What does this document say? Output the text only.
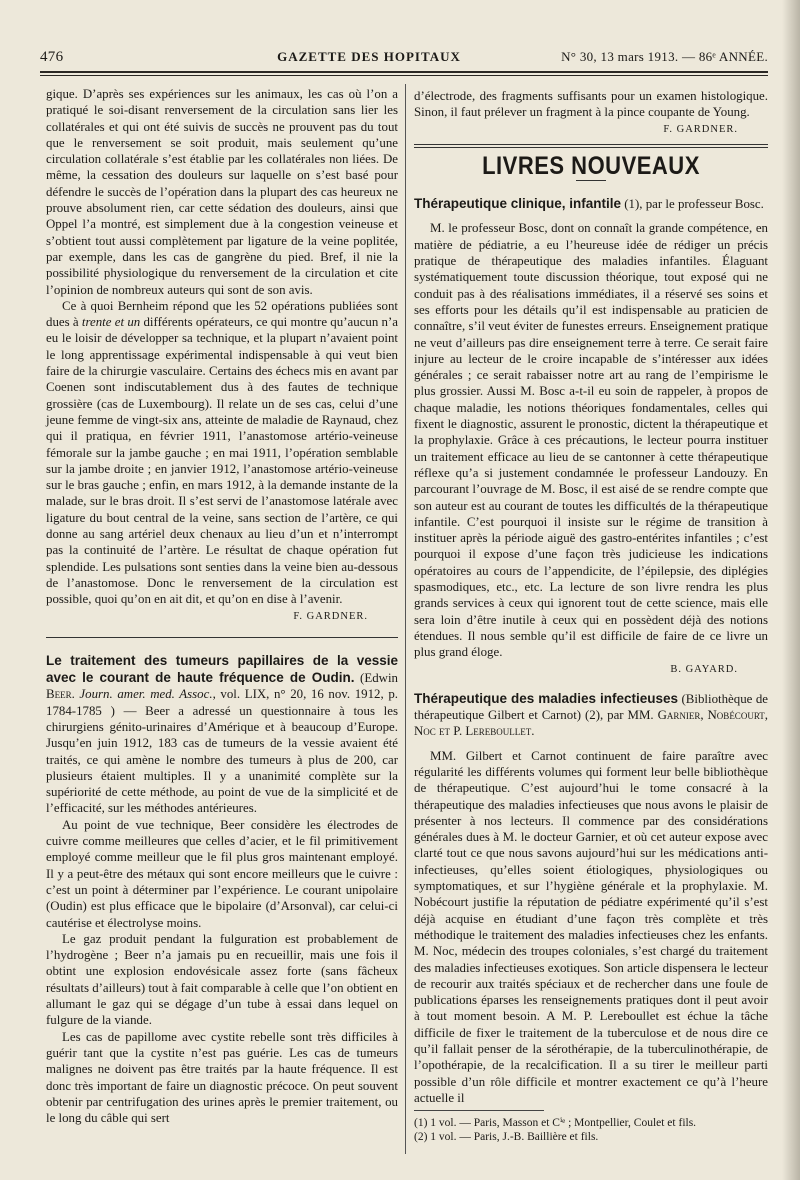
476	GAZETTE DES HOPITAUX	N° 30, 13 mars 1913. — 86ᵉ ANNÉE.

gique. D’après ses expériences sur les animaux, les cas où l’on a pratiqué le soi-disant renversement de la circulation sans lier les collatérales et qui ont été suivis de succès ne prouvent pas du tout que le renversement se soit produit, mais seulement qu’une circulation collatérale s’est établie par les collatérales non liées. De même, la cessation des douleurs sur laquelle on s’est basé pour défendre le succès de l’opération dans la plupart des cas heureux ne prouve absolument rien, car cette sédation des douleurs, ainsi que Oppel l’a montré, est simplement due à la congestion veineuse et s’obtient tout aussi complètement par ligature de la veine poplitée, par exemple, dans les cas de gangrène du pied. Bref, il nie la possibilité physiologique du renversement de la circulation et cite l’opinion de nombreux auteurs qui sont de son avis.

Ce à quoi Bernheim répond que les 52 opérations publiées sont dues à trente et un différents opérateurs, ce qui montre qu’aucun n’a eu le loisir de développer sa technique, et la plupart n’avaient point le long apprentissage expérimental indispensable à qui veut bien faire de la chirurgie vasculaire. Certains des échecs mis en avant par Coenen sont indiscutablement dus à des fautes de technique grossière (cas de Luxembourg). Il relate un de ses cas, celui d’une jeune femme de vingt-six ans, atteinte de maladie de Raynaud, chez qui il pratiqua, en février 1911, l’anastomose artério-veineuse fémorale sur la jambe gauche ; en mai 1911, l’opération semblable sur la jambe droite ; en janvier 1912, l’anastomose artério-veineuse sur le bras gauche ; enfin, en mars 1912, à la demande instante de la malade, sur le bras droit. Il s’est servi de l’anastomose latérale avec ligature du bout central de la veine, sans section de l’artère, ce qui donne au sang artériel deux chenaux au lieu d’un et n’interrompt pas la continuité de l’artère. Le résultat de chaque opération fut splendide. Les pulsations sont senties dans la veine bien au-dessous de l’anastomose. Donc le renversement de la circulation est possible, quoi qu’on en ait dit, et qu’on en dise à l’avenir.

F. GARDNER.

Le traitement des tumeurs papillaires de la vessie avec le courant de haute fréquence de Oudin. (Edwin Beer. Journ. amer. med. Assoc., vol. LIX, n° 20, 16 nov. 1912, p. 1784-1785 ) — Beer a adressé un questionnaire à tous les chirurgiens génito-urinaires d’Amérique et à beaucoup d’Europe. Jusqu’en juin 1912, 183 cas de tumeurs de la vessie avaient été traités, ce qui amène le nombre des tumeurs à plus de 200, car plusieurs étaient multiples. Il y a unanimité complète sur la supériorité de cette méthode, au point de vue de la simplicité et de l’efficacité, sur les méthodes antérieures.

Au point de vue technique, Beer considère les électrodes de cuivre comme meilleures que celles d’acier, et le fil primitivement employé comme meilleur que le fil plus gros maintenant employé. Il y a peut-être des métaux qui sont encore meilleurs que le cuivre : c’est un point à déterminer par l’expérience. Le courant unipolaire (Oudin) est plus efficace que le bipolaire (d’Arsonval), car celui-ci cautérise et électrolyse moins.

Le gaz produit pendant la fulguration est probablement de l’hydrogène ; Beer n’a jamais pu en recueillir, mais une fois il obtint une explosion endovésicale assez forte (sans fâcheux résultats d’ailleurs) tout à fait comparable à celle que l’on obtient en allumant le gaz qui se dégage d’un tube à essai dans lequel on fulgure de la viande.

Les cas de papillome avec cystite rebelle sont très difficiles à guérir tant que la cystite n’est pas guérie. Les cas de tumeurs malignes ne doivent pas être traités par la haute fréquence. Il est donc très important de faire un diagnostic précoce. On peut souvent obtenir par centrifugation des urines après le premier traitement, ou le long du câble qui sert

d’électrode, des fragments suffisants pour un examen histologique. Sinon, il faut prélever un fragment à la pince coupante de Young.

F. GARDNER.

LIVRES NOUVEAUX

Thérapeutique clinique, infantile (1), par le professeur Bosc.

M. le professeur Bosc, dont on connaît la grande compétence, en matière de pédiatrie, a eu l’heureuse idée de rédiger un précis pratique de thérapeutique des maladies infantiles. Élaguant systématiquement toute discussion théorique, tout exposé qui ne conduit pas à des réalisations immédiates, il a réservé ses soins et ses efforts pour les détails qu’il est indispensable au praticien de connaître, s’il veut éviter de funestes erreurs. Enseignement pratique ne veut d’ailleurs pas dire enseignement terre à terre. Ce serait faire injure au lecteur de le croire incapable de s’intéresser aux idées générales ; ce serait rabaisser notre art au rang de l’empirisme le plus grossier. Aussi M. Bosc a-t-il eu soin de rappeler, à propos de chaque maladie, les notions théoriques fondamentales, celles qui fixent le diagnostic, assurent le pronostic, dictent la thérapeutique et la prophylaxie. Grâce à ces précautions, le lecteur pourra instituer un traitement efficace au lieu de se cantonner à cette thérapeutique réflexe qu’a si justement condamnée le professeur Landouzy. En parcourant l’ouvrage de M. Bosc, il est aisé de se rendre compte que son auteur est au courant de toutes les difficultés de la thérapeutique infantile. C’est pourquoi il insiste sur le régime de transition à instituer après la période aiguë des gastro-entérites infantiles ; c’est pourquoi il expose d’une façon très judicieuse les indications opératoires au cours de l’appendicite, de l’épilepsie, des diplégies spasmodiques, etc., etc. La lecture de son livre rendra les plus grands services à ceux qui ignorent tout de cette science, mais elle sera loin d’être inutile à ceux qui en possèdent déjà des notions étendues. Il nous semble qu’il est difficile de faire de ce livre un plus grand éloge.

B. GAYARD.

Thérapeutique des maladies infectieuses (Bibliothèque de thérapeutique Gilbert et Carnot) (2), par MM. Garnier, Nobécourt, Noc et P. Lereboullet.

MM. Gilbert et Carnot continuent de faire paraître avec régularité les différents volumes qui forment leur belle bibliothèque de thérapeutique. C’est aujourd’hui le tome consacré à la thérapeutique des maladies infectieuses que nous avons le plaisir de présenter à nos lecteurs. Il commence par des considérations générales dues à M. le docteur Garnier, et où cet auteur expose avec clarté tout ce que nous savons aujourd’hui sur les médications anti-infectieuses, qu’elles soient étiologiques, physiologiques ou symptomatiques, et sur l’hygiène générale et la prophylaxie. M. Nobécourt justifie la réputation de pédiatre expérimenté qu’il s’est déjà acquise en étudiant d’une façon très complète et très méthodique le traitement des maladies infectieuses chez les enfants. M. Noc, médecin des troupes coloniales, s’est chargé du traitement des maladies infectieuses exotiques. Son article dispensera le lecteur de recourir aux traités spéciaux et de rechercher dans une foule de publications éparses les renseignements pratiques dont il peut avoir à tout moment besoin. A M. P. Lereboullet est échue la tâche difficile de fixer le traitement de la tuberculose et de nous dire ce qu’il fallait penser de la sérothérapie, de la tuberculinothérapie, de l’opothérapie, de la recalcification. Il a su tirer le meilleur parti possible d’un rôle difficile et montrer exactement ce qu’à l’heure actuelle il

(1) 1 vol. — Paris, Masson et Cⁱᵉ ; Montpellier, Coulet et fils.

(2) 1 vol. — Paris, J.-B. Baillière et fils.
